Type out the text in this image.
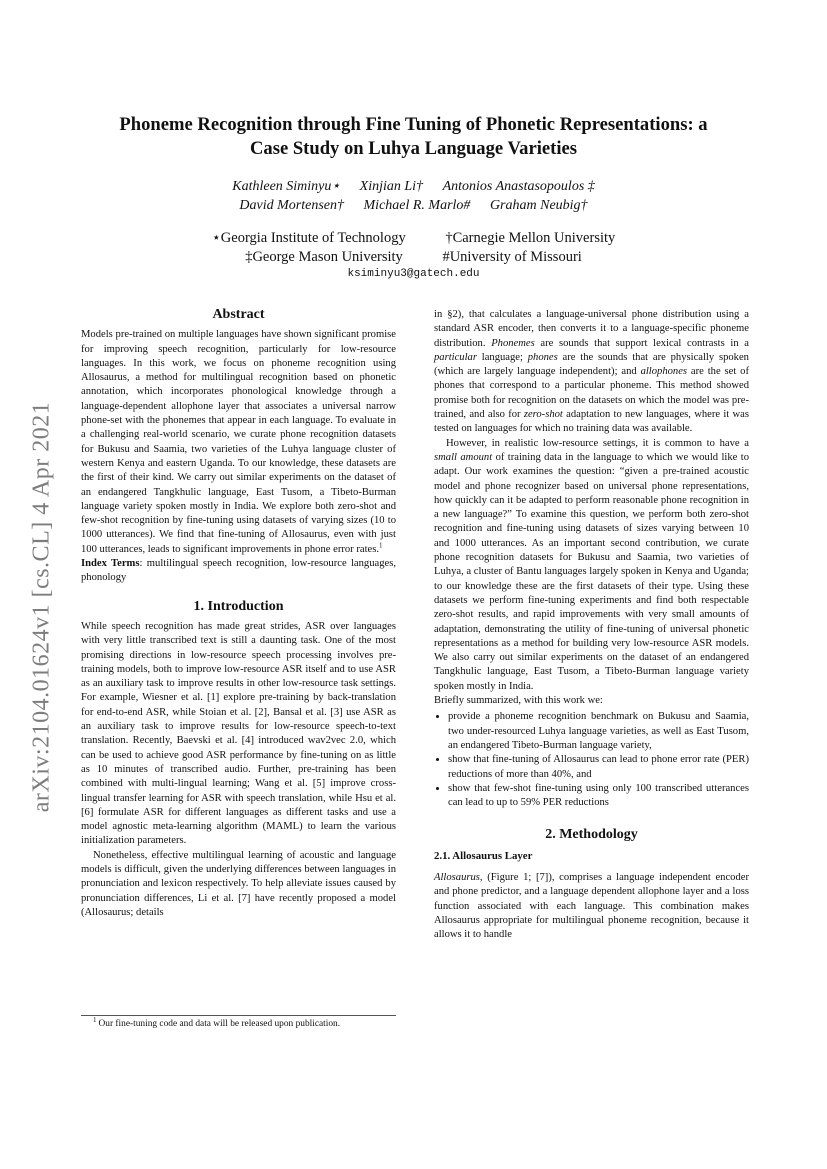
arXiv:2104.01624v1 [cs.CL] 4 Apr 2021
Phoneme Recognition through Fine Tuning of Phonetic Representations: a
Case Study on Luhya Language Varieties
Kathleen Siminyu⋆ Xinjian Li† Antonios Anastasopoulos ‡
David Mortensen† Michael R. Marlo# Graham Neubig†
⋆Georgia Institute of Technology	†Carnegie Mellon University
‡George Mason University	#University of Missouri
ksiminyu3@gatech.edu
Abstract

Models pre-trained on multiple languages have shown significant promise for improving speech recognition, particularly for low-resource languages. In this work, we focus on phoneme recognition using Allosaurus, a method for multilingual recognition based on phonetic annotation, which incorporates phonological knowledge through a language-dependent allophone layer that associates a universal narrow phone-set with the phonemes that appear in each language. To evaluate in a challenging real-world scenario, we curate phone recognition datasets for Bukusu and Saamia, two varieties of the Luhya language cluster of western Kenya and eastern Uganda. To our knowledge, these datasets are the first of their kind. We carry out similar experiments on the dataset of an endangered Tangkhulic language, East Tusom, a Tibeto-Burman language variety spoken mostly in India. We explore both zero-shot and few-shot recognition by fine-tuning using datasets of varying sizes (10 to 1000 utterances). We find that fine-tuning of Allosaurus, even with just 100 utterances, leads to significant improvements in phone error rates.$^1$

Index Terms: multilingual speech recognition, low-resource languages, phonology

1. Introduction

While speech recognition has made great strides, ASR over languages with very little transcribed text is still a daunting task. One of the most promising directions in low-resource speech processing involves pre-training models, both to improve low-resource ASR itself and to use ASR as an auxiliary task to improve results in other low-resource task settings. For example, Wiesner et al. [1] explore pre-training by back-translation for end-to-end ASR, while Stoian et al. [2], Bansal et al. [3] use ASR as an auxiliary task to improve results for low-resource speech-to-text translation. Recently, Baevski et al. [4] introduced wav2vec 2.0, which can be used to achieve good ASR performance by fine-tuning on as little as 10 minutes of transcribed audio. Further, pre-training has been combined with multi-lingual learning; Wang et al. [5] improve cross-lingual transfer learning for ASR with speech translation, while Hsu et al. [6] formulate ASR for different languages as different tasks and use a model agnostic meta-learning algorithm (MAML) to learn the various initialization parameters.

Nonetheless, effective multilingual learning of acoustic and language models is difficult, given the underlying differences between languages in pronunciation and lexicon respectively. To help alleviate issues caused by pronunciation differences, Li et al. [7] have recently proposed a model (Allosaurus; details

$^1$ Our fine-tuning code and data will be released upon publication.

in §2), that calculates a language-universal phone distribution using a standard ASR encoder, then converts it to a language-specific phoneme distribution. Phonemes are sounds that support lexical contrasts in a particular language; phones are the sounds that are physically spoken (which are largely language independent); and allophones are the set of phones that correspond to a particular phoneme. This method showed promise both for recognition on the datasets on which the model was pre-trained, and also for zero-shot adaptation to new languages, where it was tested on languages for which no training data was available.

However, in realistic low-resource settings, it is common to have a small amount of training data in the language to which we would like to adapt. Our work examines the question: “given a pre-trained acoustic model and phone recognizer based on universal phone representations, how quickly can it be adapted to perform reasonable phone recognition in a new language?” To examine this question, we perform both zero-shot recognition and fine-tuning using datasets of sizes varying between 10 and 1000 utterances. As an important second contribution, we curate phone recognition datasets for Bukusu and Saamia, two varieties of Luhya, a cluster of Bantu languages largely spoken in Kenya and Uganda; to our knowledge these are the first datasets of their type. Using these datasets we perform fine-tuning experiments and find both respectable zero-shot results, and rapid improvements with very small amounts of adaptation, demonstrating the utility of fine-tuning of universal phonetic representations as a method for building very low-resource ASR models. We also carry out similar experiments on the dataset of an endangered Tangkhulic language, East Tusom, a Tibeto-Burman language variety spoken mostly in India.

Briefly summarized, with this work we:

• provide a phoneme recognition benchmark on Bukusu and Saamia, two under-resourced Luhya language varieties, as well as East Tusom, an endangered Tibeto-Burman language variety,
• show that fine-tuning of Allosaurus can lead to phone error rate (PER) reductions of more than 40%, and
• show that few-shot fine-tuning using only 100 transcribed utterances can lead to up to 59% PER reductions
2. Methodology
2.1. Allosaurus Layer

Allosaurus, (Figure 1; [7]), comprises a language independent encoder and phone predictor, and a language dependent allophone layer and a loss function associated with each language. This combination makes Allosaurus appropriate for multilingual phoneme recognition, because it allows it to handle
